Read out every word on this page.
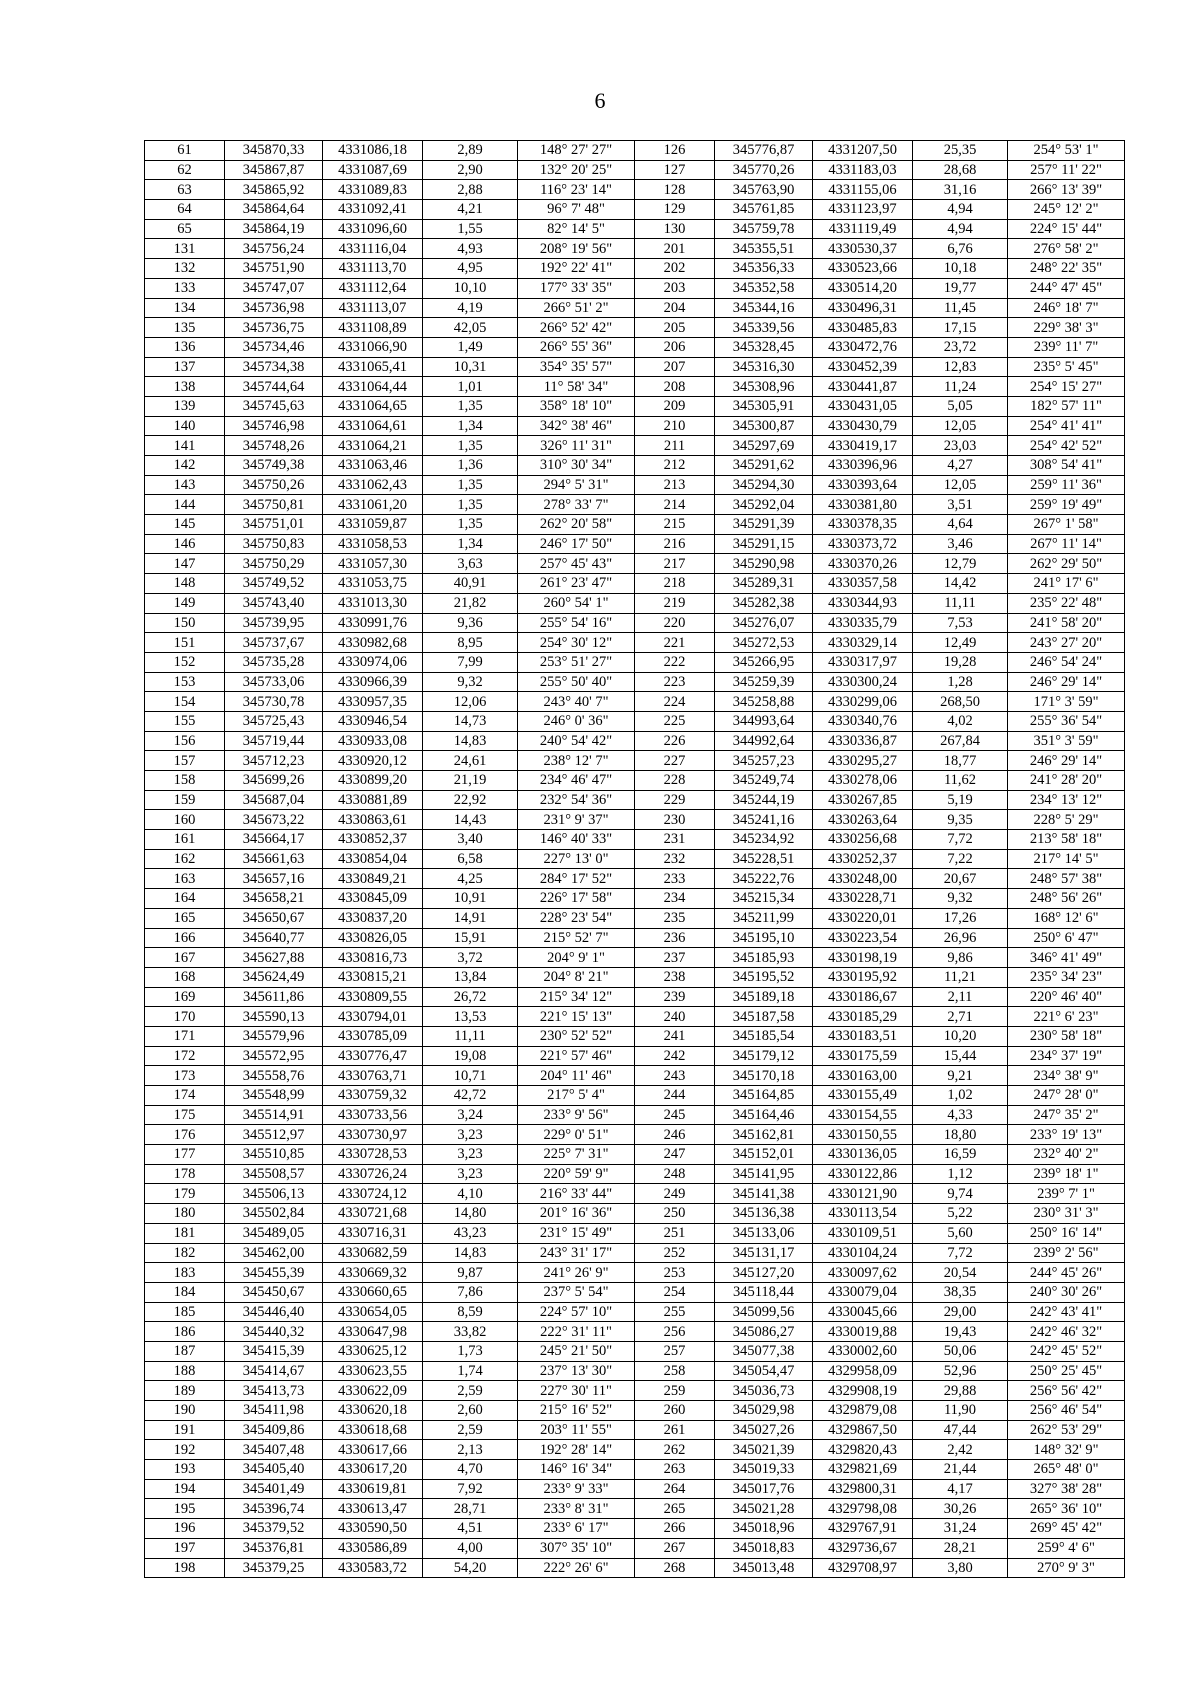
6
61	345870,33	4331086,18	2,89	148° 27' 27"	126	345776,87	4331207,50	25,35	254° 53' 1"
62	345867,87	4331087,69	2,90	132° 20' 25"	127	345770,26	4331183,03	28,68	257° 11' 22"
63	345865,92	4331089,83	2,88	116° 23' 14"	128	345763,90	4331155,06	31,16	266° 13' 39"
64	345864,64	4331092,41	4,21	96° 7' 48"	129	345761,85	4331123,97	4,94	245° 12' 2"
65	345864,19	4331096,60	1,55	82° 14' 5"	130	345759,78	4331119,49	4,94	224° 15' 44"
131	345756,24	4331116,04	4,93	208° 19' 56"	201	345355,51	4330530,37	6,76	276° 58' 2"
132	345751,90	4331113,70	4,95	192° 22' 41"	202	345356,33	4330523,66	10,18	248° 22' 35"
133	345747,07	4331112,64	10,10	177° 33' 35"	203	345352,58	4330514,20	19,77	244° 47' 45"
134	345736,98	4331113,07	4,19	266° 51' 2"	204	345344,16	4330496,31	11,45	246° 18' 7"
135	345736,75	4331108,89	42,05	266° 52' 42"	205	345339,56	4330485,83	17,15	229° 38' 3"
136	345734,46	4331066,90	1,49	266° 55' 36"	206	345328,45	4330472,76	23,72	239° 11' 7"
137	345734,38	4331065,41	10,31	354° 35' 57"	207	345316,30	4330452,39	12,83	235° 5' 45"
138	345744,64	4331064,44	1,01	11° 58' 34"	208	345308,96	4330441,87	11,24	254° 15' 27"
139	345745,63	4331064,65	1,35	358° 18' 10"	209	345305,91	4330431,05	5,05	182° 57' 11"
140	345746,98	4331064,61	1,34	342° 38' 46"	210	345300,87	4330430,79	12,05	254° 41' 41"
141	345748,26	4331064,21	1,35	326° 11' 31"	211	345297,69	4330419,17	23,03	254° 42' 52"
142	345749,38	4331063,46	1,36	310° 30' 34"	212	345291,62	4330396,96	4,27	308° 54' 41"
143	345750,26	4331062,43	1,35	294° 5' 31"	213	345294,30	4330393,64	12,05	259° 11' 36"
144	345750,81	4331061,20	1,35	278° 33' 7"	214	345292,04	4330381,80	3,51	259° 19' 49"
145	345751,01	4331059,87	1,35	262° 20' 58"	215	345291,39	4330378,35	4,64	267° 1' 58"
146	345750,83	4331058,53	1,34	246° 17' 50"	216	345291,15	4330373,72	3,46	267° 11' 14"
147	345750,29	4331057,30	3,63	257° 45' 43"	217	345290,98	4330370,26	12,79	262° 29' 50"
148	345749,52	4331053,75	40,91	261° 23' 47"	218	345289,31	4330357,58	14,42	241° 17' 6"
149	345743,40	4331013,30	21,82	260° 54' 1"	219	345282,38	4330344,93	11,11	235° 22' 48"
150	345739,95	4330991,76	9,36	255° 54' 16"	220	345276,07	4330335,79	7,53	241° 58' 20"
151	345737,67	4330982,68	8,95	254° 30' 12"	221	345272,53	4330329,14	12,49	243° 27' 20"
152	345735,28	4330974,06	7,99	253° 51' 27"	222	345266,95	4330317,97	19,28	246° 54' 24"
153	345733,06	4330966,39	9,32	255° 50' 40"	223	345259,39	4330300,24	1,28	246° 29' 14"
154	345730,78	4330957,35	12,06	243° 40' 7"	224	345258,88	4330299,06	268,50	171° 3' 59"
155	345725,43	4330946,54	14,73	246° 0' 36"	225	344993,64	4330340,76	4,02	255° 36' 54"
156	345719,44	4330933,08	14,83	240° 54' 42"	226	344992,64	4330336,87	267,84	351° 3' 59"
157	345712,23	4330920,12	24,61	238° 12' 7"	227	345257,23	4330295,27	18,77	246° 29' 14"
158	345699,26	4330899,20	21,19	234° 46' 47"	228	345249,74	4330278,06	11,62	241° 28' 20"
159	345687,04	4330881,89	22,92	232° 54' 36"	229	345244,19	4330267,85	5,19	234° 13' 12"
160	345673,22	4330863,61	14,43	231° 9' 37"	230	345241,16	4330263,64	9,35	228° 5' 29"
161	345664,17	4330852,37	3,40	146° 40' 33"	231	345234,92	4330256,68	7,72	213° 58' 18"
162	345661,63	4330854,04	6,58	227° 13' 0"	232	345228,51	4330252,37	7,22	217° 14' 5"
163	345657,16	4330849,21	4,25	284° 17' 52"	233	345222,76	4330248,00	20,67	248° 57' 38"
164	345658,21	4330845,09	10,91	226° 17' 58"	234	345215,34	4330228,71	9,32	248° 56' 26"
165	345650,67	4330837,20	14,91	228° 23' 54"	235	345211,99	4330220,01	17,26	168° 12' 6"
166	345640,77	4330826,05	15,91	215° 52' 7"	236	345195,10	4330223,54	26,96	250° 6' 47"
167	345627,88	4330816,73	3,72	204° 9' 1"	237	345185,93	4330198,19	9,86	346° 41' 49"
168	345624,49	4330815,21	13,84	204° 8' 21"	238	345195,52	4330195,92	11,21	235° 34' 23"
169	345611,86	4330809,55	26,72	215° 34' 12"	239	345189,18	4330186,67	2,11	220° 46' 40"
170	345590,13	4330794,01	13,53	221° 15' 13"	240	345187,58	4330185,29	2,71	221° 6' 23"
171	345579,96	4330785,09	11,11	230° 52' 52"	241	345185,54	4330183,51	10,20	230° 58' 18"
172	345572,95	4330776,47	19,08	221° 57' 46"	242	345179,12	4330175,59	15,44	234° 37' 19"
173	345558,76	4330763,71	10,71	204° 11' 46"	243	345170,18	4330163,00	9,21	234° 38' 9"
174	345548,99	4330759,32	42,72	217° 5' 4"	244	345164,85	4330155,49	1,02	247° 28' 0"
175	345514,91	4330733,56	3,24	233° 9' 56"	245	345164,46	4330154,55	4,33	247° 35' 2"
176	345512,97	4330730,97	3,23	229° 0' 51"	246	345162,81	4330150,55	18,80	233° 19' 13"
177	345510,85	4330728,53	3,23	225° 7' 31"	247	345152,01	4330136,05	16,59	232° 40' 2"
178	345508,57	4330726,24	3,23	220° 59' 9"	248	345141,95	4330122,86	1,12	239° 18' 1"
179	345506,13	4330724,12	4,10	216° 33' 44"	249	345141,38	4330121,90	9,74	239° 7' 1"
180	345502,84	4330721,68	14,80	201° 16' 36"	250	345136,38	4330113,54	5,22	230° 31' 3"
181	345489,05	4330716,31	43,23	231° 15' 49"	251	345133,06	4330109,51	5,60	250° 16' 14"
182	345462,00	4330682,59	14,83	243° 31' 17"	252	345131,17	4330104,24	7,72	239° 2' 56"
183	345455,39	4330669,32	9,87	241° 26' 9"	253	345127,20	4330097,62	20,54	244° 45' 26"
184	345450,67	4330660,65	7,86	237° 5' 54"	254	345118,44	4330079,04	38,35	240° 30' 26"
185	345446,40	4330654,05	8,59	224° 57' 10"	255	345099,56	4330045,66	29,00	242° 43' 41"
186	345440,32	4330647,98	33,82	222° 31' 11"	256	345086,27	4330019,88	19,43	242° 46' 32"
187	345415,39	4330625,12	1,73	245° 21' 50"	257	345077,38	4330002,60	50,06	242° 45' 52"
188	345414,67	4330623,55	1,74	237° 13' 30"	258	345054,47	4329958,09	52,96	250° 25' 45"
189	345413,73	4330622,09	2,59	227° 30' 11"	259	345036,73	4329908,19	29,88	256° 56' 42"
190	345411,98	4330620,18	2,60	215° 16' 52"	260	345029,98	4329879,08	11,90	256° 46' 54"
191	345409,86	4330618,68	2,59	203° 11' 55"	261	345027,26	4329867,50	47,44	262° 53' 29"
192	345407,48	4330617,66	2,13	192° 28' 14"	262	345021,39	4329820,43	2,42	148° 32' 9"
193	345405,40	4330617,20	4,70	146° 16' 34"	263	345019,33	4329821,69	21,44	265° 48' 0"
194	345401,49	4330619,81	7,92	233° 9' 33"	264	345017,76	4329800,31	4,17	327° 38' 28"
195	345396,74	4330613,47	28,71	233° 8' 31"	265	345021,28	4329798,08	30,26	265° 36' 10"
196	345379,52	4330590,50	4,51	233° 6' 17"	266	345018,96	4329767,91	31,24	269° 45' 42"
197	345376,81	4330586,89	4,00	307° 35' 10"	267	345018,83	4329736,67	28,21	259° 4' 6"
198	345379,25	4330583,72	54,20	222° 26' 6"	268	345013,48	4329708,97	3,80	270° 9' 3"
